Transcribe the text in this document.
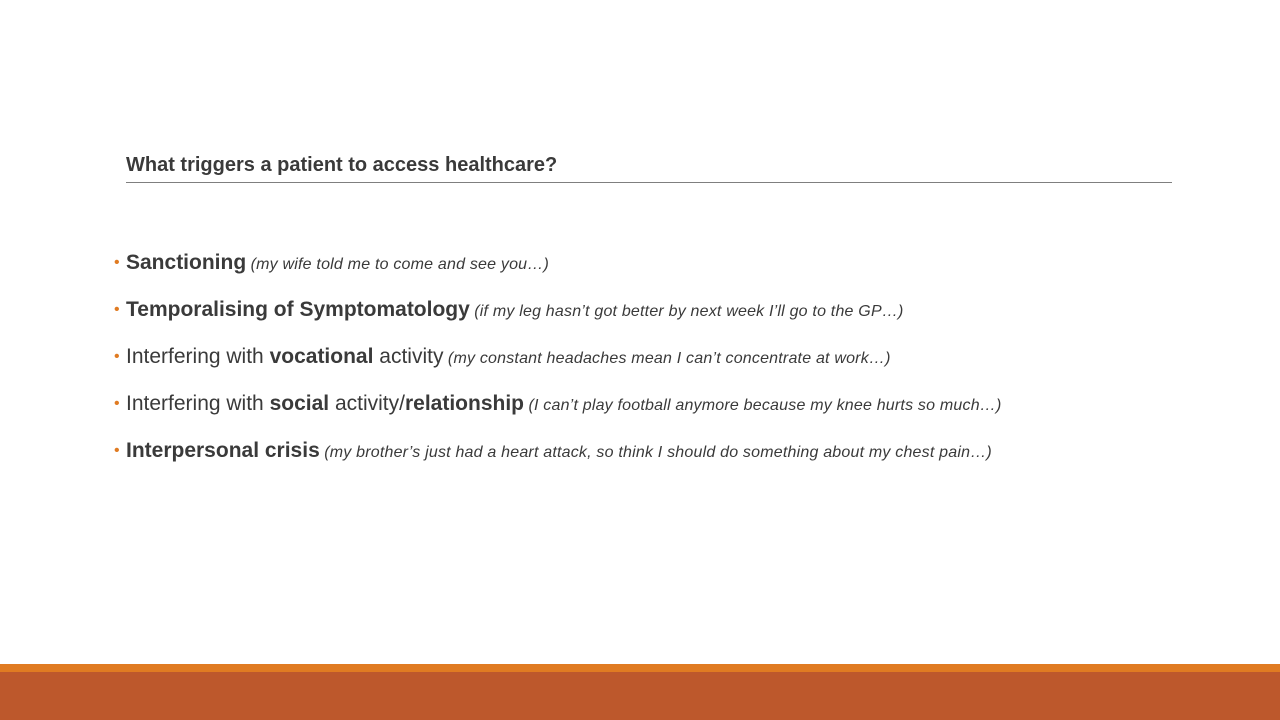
What triggers a patient to access healthcare?
• Sanctioning (my wife told me to come and see you…)
• Temporalising of Symptomatology (if my leg hasn’t got better by next week I’ll go to the GP…)
• Interfering with vocational activity (my constant headaches mean I can’t concentrate at work…)
• Interfering with social activity/relationship (I can’t play football anymore because my knee hurts so much…)
• Interpersonal crisis (my brother’s just had a heart attack, so think I should do something about my chest pain…)
